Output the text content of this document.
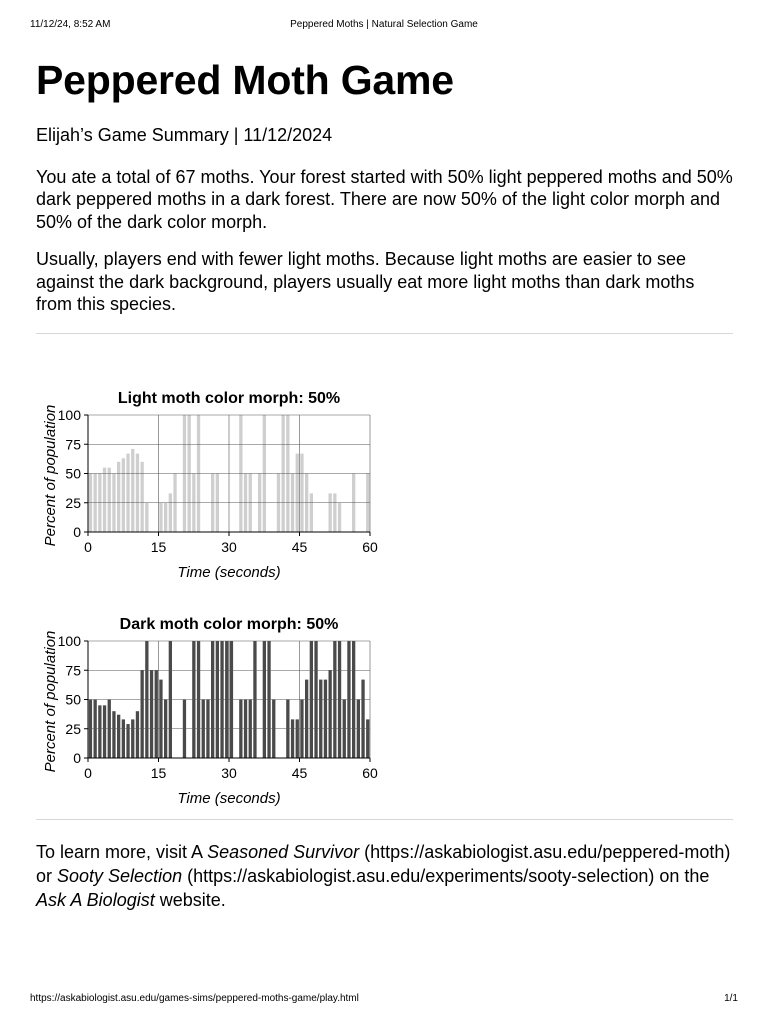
11/12/24, 8:52 AM	Peppered Moths | Natural Selection Game
Peppered Moth Game
Elijah’s Game Summary | 11/12/2024

You ate a total of 67 moths. Your forest started with 50% light peppered moths and 50% dark peppered moths in a dark forest. There are now 50% of the light color morph and 50% of the dark color morph.

Usually, players end with fewer light moths. Because light moths are easier to see against the dark background, players usually eat more light moths than dark moths from this species.

Light moth color morph: 50%
0
25
50
75
100
0	15	30	45	60
Time (seconds)
Percent of population
Dark moth color morph: 50%
0
25
50
75
100
0	15	30	45	60
Time (seconds)
Percent of population

To learn more, visit A Seasoned Survivor (https://askabiologist.asu.edu/peppered-moth) or Sooty Selection (https://askabiologist.asu.edu/experiments/sooty-selection) on the Ask A Biologist website.

https://askabiologist.asu.edu/games-sims/peppered-moths-game/play.html	1/1
